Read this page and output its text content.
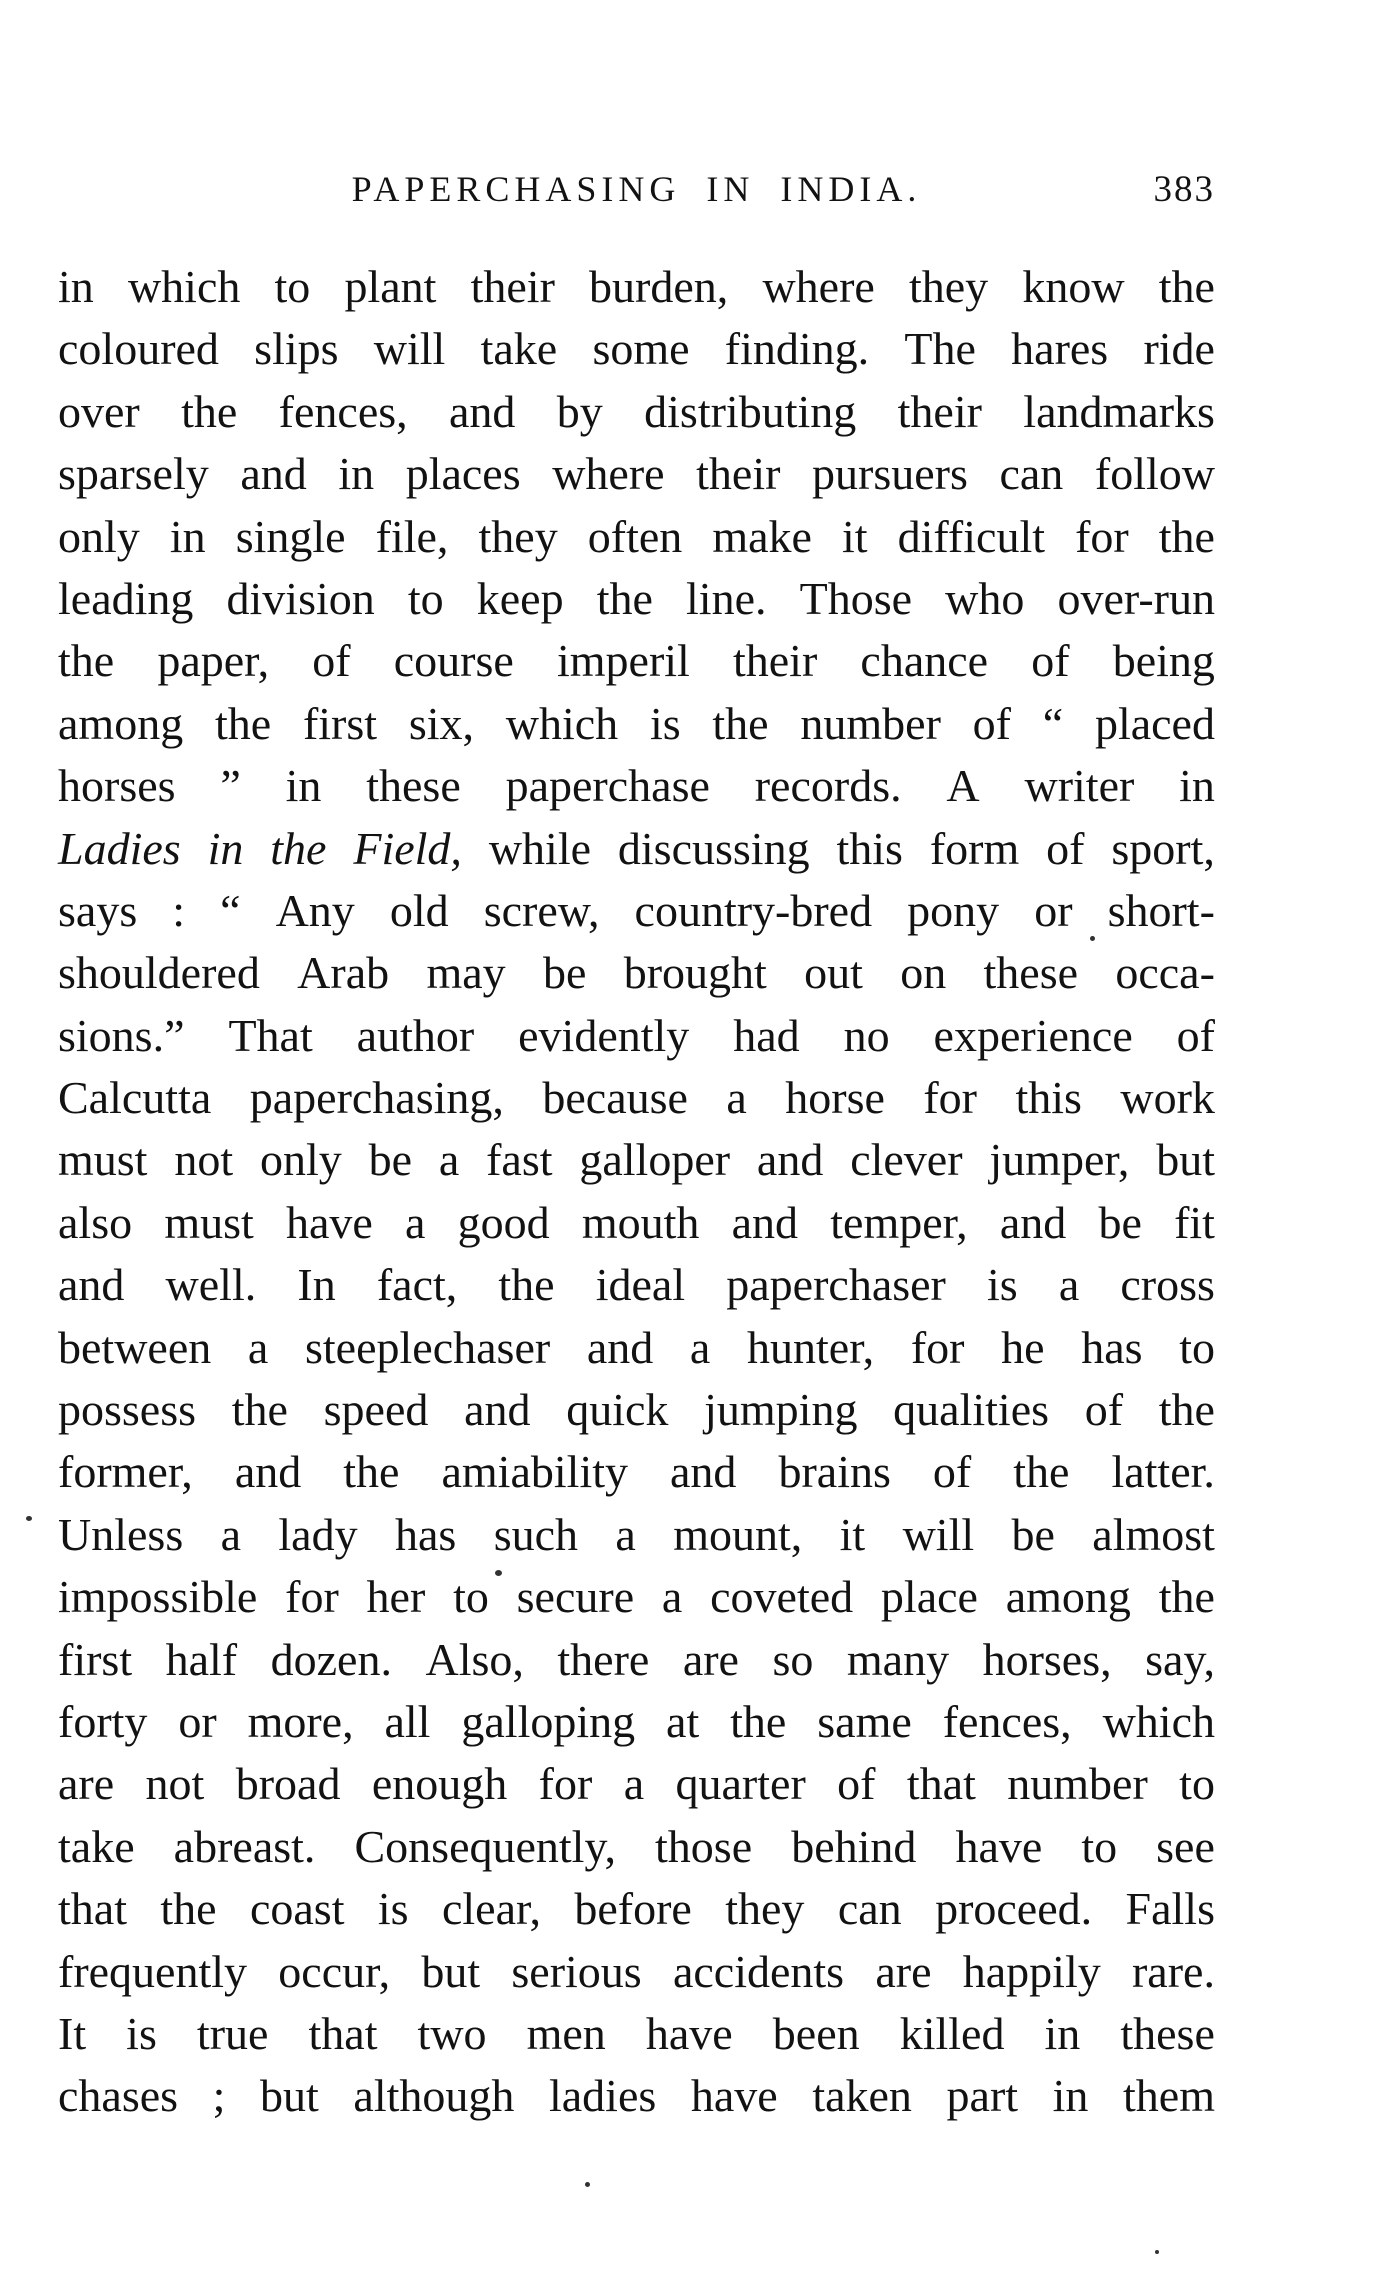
PAPERCHASING IN INDIA.	383
in which to plant their burden, where they know the
coloured slips will take some finding. The hares ride
over the fences, and by distributing their landmarks
sparsely and in places where their pursuers can follow
only in single file, they often make it difficult for the
leading division to keep the line. Those who over-run
the paper, of course imperil their chance of being
among the first six, which is the number of “ placed
horses ” in these paperchase records. A writer in
Ladies in the Field, while discussing this form of sport,
says : “ Any old screw, country-bred pony or short-
shouldered Arab may be brought out on these occa-
sions.” That author evidently had no experience of
Calcutta paperchasing, because a horse for this work
must not only be a fast galloper and clever jumper, but
also must have a good mouth and temper, and be fit
and well. In fact, the ideal paperchaser is a cross
between a steeplechaser and a hunter, for he has to
possess the speed and quick jumping qualities of the
former, and the amiability and brains of the latter.
Unless a lady has such a mount, it will be almost
impossible for her to secure a coveted place among the
first half dozen. Also, there are so many horses, say,
forty or more, all galloping at the same fences, which
are not broad enough for a quarter of that number to
take abreast. Consequently, those behind have to see
that the coast is clear, before they can proceed. Falls
frequently occur, but serious accidents are happily rare.
It is true that two men have been killed in these
chases ; but although ladies have taken part in them
